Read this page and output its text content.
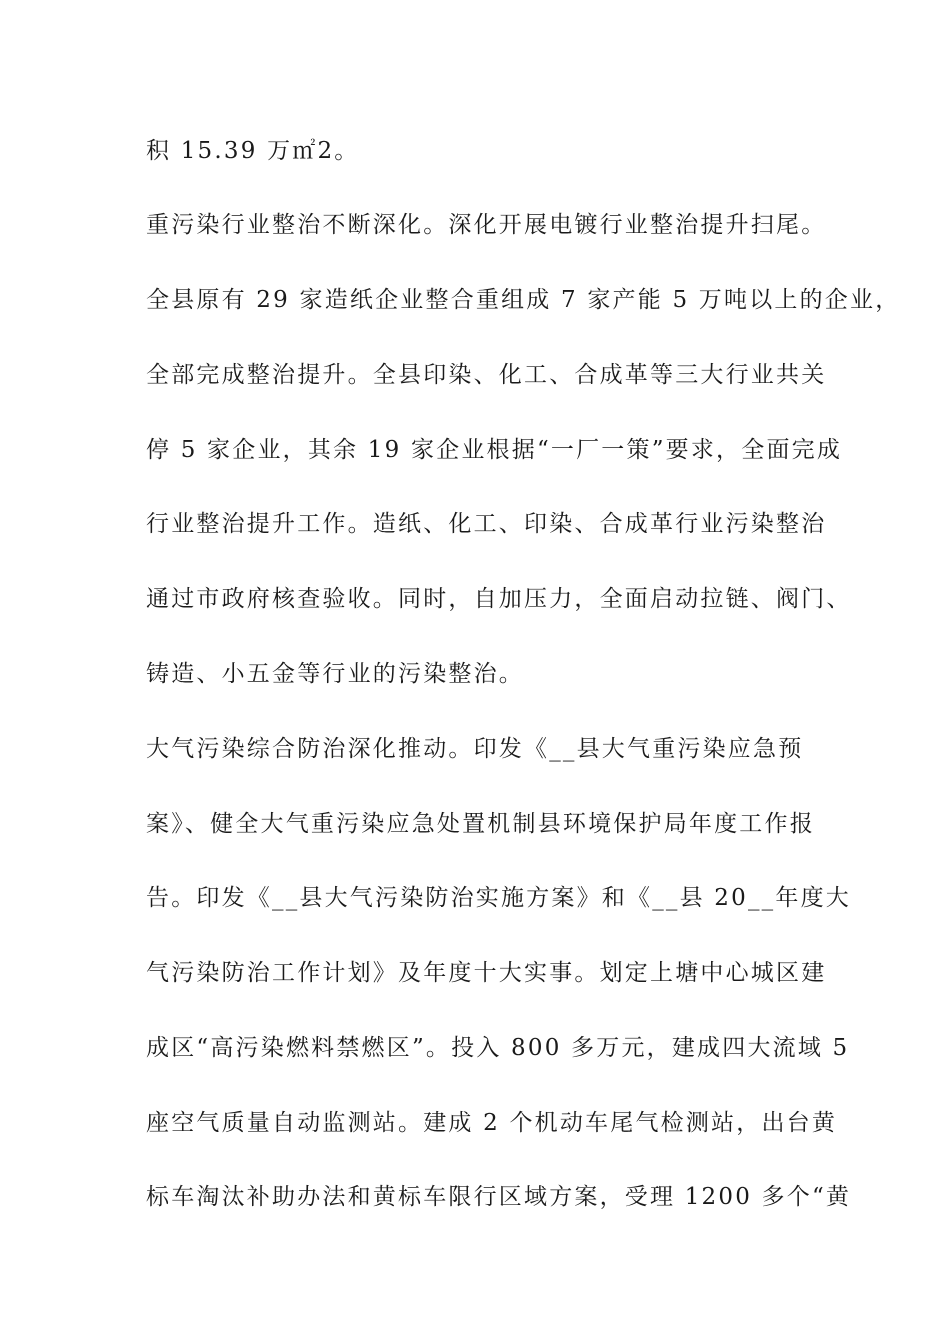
积 15.39 万㎡2。
重污染行业整治不断深化。深化开展电镀行业整治提升扫尾。
全县原有 29 家造纸企业整合重组成 7 家产能 5 万吨以上的企业，
全部完成整治提升。全县印染、化工、合成革等三大行业共关
停 5 家企业，其余 19 家企业根据“一厂一策”要求，全面完成
行业整治提升工作。造纸、化工、印染、合成革行业污染整治
通过市政府核查验收。同时，自加压力，全面启动拉链、阀门、
铸造、小五金等行业的污染整治。
大气污染综合防治深化推动。印发《__县大气重污染应急预
案》、健全大气重污染应急处置机制县环境保护局年度工作报
告。印发《__县大气污染防治实施方案》和《__县 20__年度大
气污染防治工作计划》及年度十大实事。划定上塘中心城区建
成区“高污染燃料禁燃区”。投入 800 多万元，建成四大流域 5
座空气质量自动监测站。建成 2 个机动车尾气检测站，出台黄
标车淘汰补助办法和黄标车限行区域方案，受理 1200 多个“黄
